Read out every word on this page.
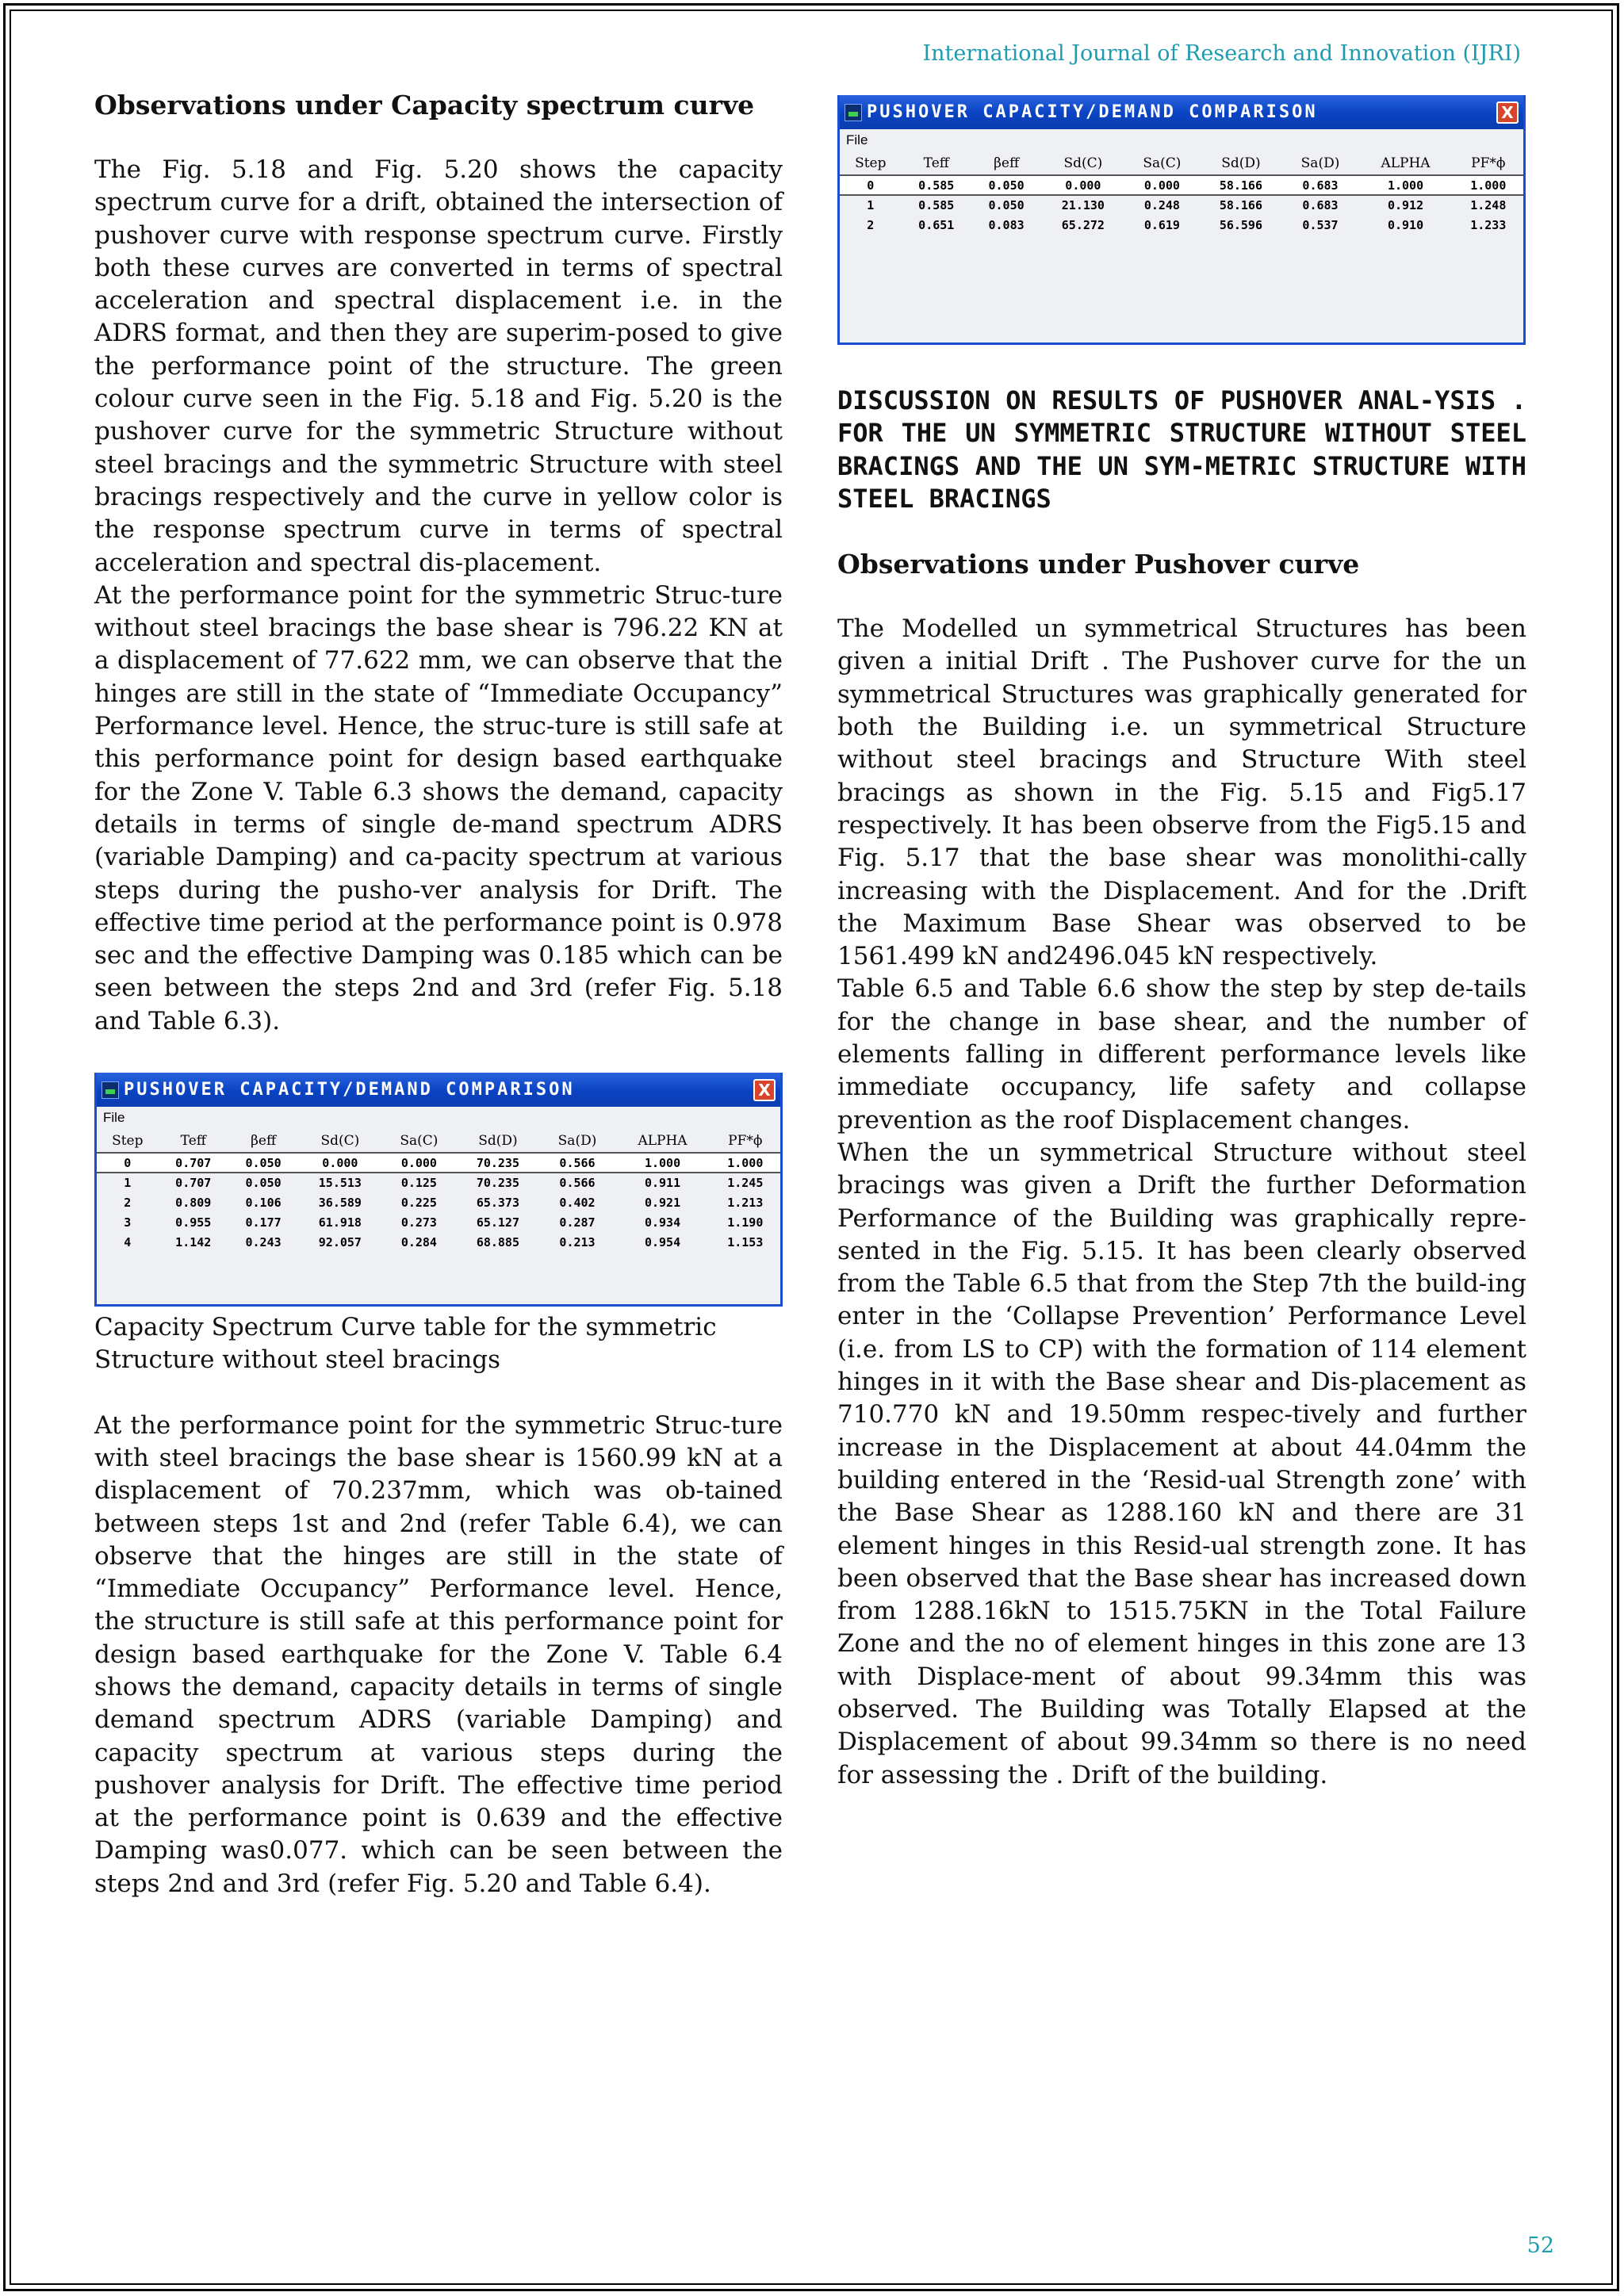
International Journal of Research and Innovation (IJRI)

Observations under Capacity spectrum curve

The Fig. 5.18 and Fig. 5.20 shows the capacity spectrum curve for a drift, obtained the intersection of pushover curve with response spectrum curve. Firstly both these curves are converted in terms of spectral acceleration and spectral displacement i.e. in the ADRS format, and then they are superim-posed to give the performance point of the structure. The green colour curve seen in the Fig. 5.18 and Fig. 5.20 is the pushover curve for the symmetric Structure without steel bracings and the symmetric Structure with steel bracings respectively and the curve in yellow color is the response spectrum curve in terms of spectral acceleration and spectral dis-placement.

At the performance point for the symmetric Struc-ture without steel bracings the base shear is 796.22 KN at a displacement of 77.622 mm, we can observe that the hinges are still in the state of “Immediate Occupancy” Performance level. Hence, the struc-ture is still safe at this performance point for design based earthquake for the Zone V. Table 6.3 shows the demand, capacity details in terms of single de-mand spectrum ADRS (variable Damping) and ca-pacity spectrum at various steps during the pusho-ver analysis for Drift. The effective time period at the performance point is 0.978 sec and the effective Damping was 0.185 which can be seen between the steps 2nd and 3rd (refer Fig. 5.18 and Table 6.3).

PUSHOVER CAPACITY/DEMAND COMPARISON	X
File
Step	Teff	βeff	Sd(C)	Sa(C)	Sd(D)	Sa(D)	ALPHA	PF*ϕ
0	0.707	0.050	0.000	0.000	70.235	0.566	1.000	1.000
1	0.707	0.050	15.513	0.125	70.235	0.566	0.911	1.245
2	0.809	0.106	36.589	0.225	65.373	0.402	0.921	1.213
3	0.955	0.177	61.918	0.273	65.127	0.287	0.934	1.190
4	1.142	0.243	92.057	0.284	68.885	0.213	0.954	1.153

Capacity Spectrum Curve table for the symmetric Structure without steel bracings

At the performance point for the symmetric Struc-ture with steel bracings the base shear is 1560.99 kN at a displacement of 70.237mm, which was ob-tained between steps 1st and 2nd (refer Table 6.4), we can observe that the hinges are still in the state of “Immediate Occupancy” Performance level. Hence, the structure is still safe at this performance point for design based earthquake for the Zone V. Table 6.4 shows the demand, capacity details in terms of single demand spectrum ADRS (variable Damping) and capacity spectrum at various steps during the pushover analysis for Drift. The effective time period at the performance point is 0.639 and the effective Damping was0.077. which can be seen between the steps 2nd and 3rd (refer Fig. 5.20 and Table 6.4).

PUSHOVER CAPACITY/DEMAND COMPARISON	X
File
Step	Teff	βeff	Sd(C)	Sa(C)	Sd(D)	Sa(D)	ALPHA	PF*ϕ
0	0.585	0.050	0.000	0.000	58.166	0.683	1.000	1.000
1	0.585	0.050	21.130	0.248	58.166	0.683	0.912	1.248
2	0.651	0.083	65.272	0.619	56.596	0.537	0.910	1.233

DISCUSSION ON RESULTS OF PUSHOVER ANAL-YSIS . FOR THE UN SYMMETRIC STRUCTURE WITHOUT STEEL BRACINGS AND THE UN SYM-METRIC STRUCTURE WITH STEEL BRACINGS

Observations under Pushover curve

The Modelled un symmetrical Structures has been given a initial Drift . The Pushover curve for the un symmetrical Structures was graphically generated for both the Building i.e. un symmetrical Structure without steel bracings and Structure With steel bracings as shown in the Fig. 5.15 and Fig5.17 respectively. It has been observe from the Fig5.15 and Fig. 5.17 that the base shear was monolithi-cally increasing with the Displacement. And for the .Drift the Maximum Base Shear was observed to be 1561.499 kN and2496.045 kN respectively.

Table 6.5 and Table 6.6 show the step by step de-tails for the change in base shear, and the number of elements falling in different performance levels like immediate occupancy, life safety and collapse prevention as the roof Displacement changes.

When the un symmetrical Structure without steel bracings was given a Drift the further Deformation Performance of the Building was graphically repre-sented in the Fig. 5.15. It has been clearly observed from the Table 6.5 that from the Step 7th the build-ing enter in the ‘Collapse Prevention’ Performance Level (i.e. from LS to CP) with the formation of 114 element hinges in it with the Base shear and Dis-placement as 710.770 kN and 19.50mm respec-tively and further increase in the Displacement at about 44.04mm the building entered in the ‘Resid-ual Strength zone’ with the Base Shear as 1288.160 kN and there are 31 element hinges in this Resid-ual strength zone. It has been observed that the Base shear has increased down from 1288.16kN to 1515.75KN in the Total Failure Zone and the no of element hinges in this zone are 13 with Displace-ment of about 99.34mm this was observed. The Building was Totally Elapsed at the Displacement of about 99.34mm so there is no need for assessing the . Drift of the building.

52
